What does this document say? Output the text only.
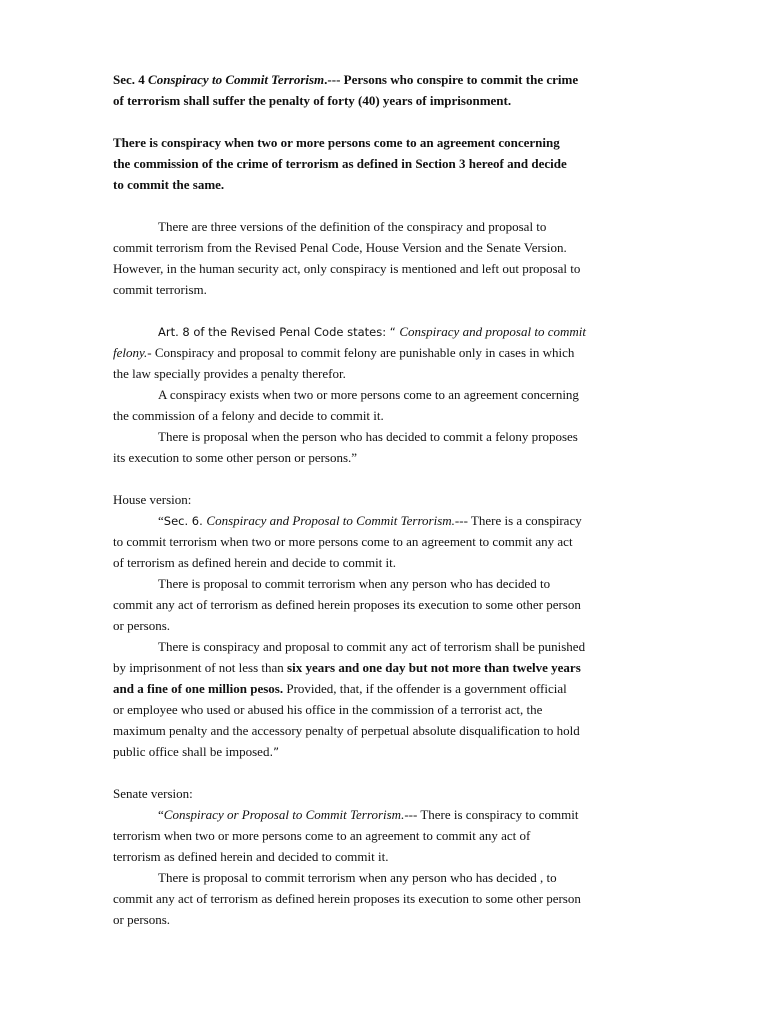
Sec. 4 Conspiracy to Commit Terrorism.--- Persons who conspire to commit the crime
of terrorism shall suffer the penalty of forty (40) years of imprisonment.
There is conspiracy when two or more persons come to an agreement concerning
the commission of the crime of terrorism as defined in Section 3 hereof and decide
to commit the same.
There are three versions of the definition of the conspiracy and proposal to
commit terrorism from the Revised Penal Code, House Version and the Senate Version.
However, in the human security act, only conspiracy is mentioned and left out proposal to
commit terrorism.
Art. 8 of the Revised Penal Code states: “ Conspiracy and proposal to commit
felony.- Conspiracy and proposal to commit felony are punishable only in cases in which
the law specially provides a penalty therefor.
A conspiracy exists when two or more persons come to an agreement concerning
the commission of a felony and decide to commit it.
There is proposal when the person who has decided to commit a felony proposes
its execution to some other person or persons.”
House version:
“Sec. 6. Conspiracy and Proposal to Commit Terrorism.--- There is a conspiracy
to commit terrorism when two or more persons come to an agreement to commit any act
of terrorism as defined herein and decide to commit it.
There is proposal to commit terrorism when any person who has decided to
commit any act of terrorism as defined herein proposes its execution to some other person
or persons.
There is conspiracy and proposal to commit any act of terrorism shall be punished
by imprisonment of not less than six years and one day but not more than twelve years
and a fine of one million pesos. Provided, that, if the offender is a government official
or employee who used or abused his office in the commission of a terrorist act, the
maximum penalty and the accessory penalty of perpetual absolute disqualification to hold
public office shall be imposed.”
Senate version:
“Conspiracy or Proposal to Commit Terrorism.--- There is conspiracy to commit
terrorism when two or more persons come to an agreement to commit any act of
terrorism as defined herein and decided to commit it.
There is proposal to commit terrorism when any person who has decided , to
commit any act of terrorism as defined herein proposes its execution to some other person
or persons.
